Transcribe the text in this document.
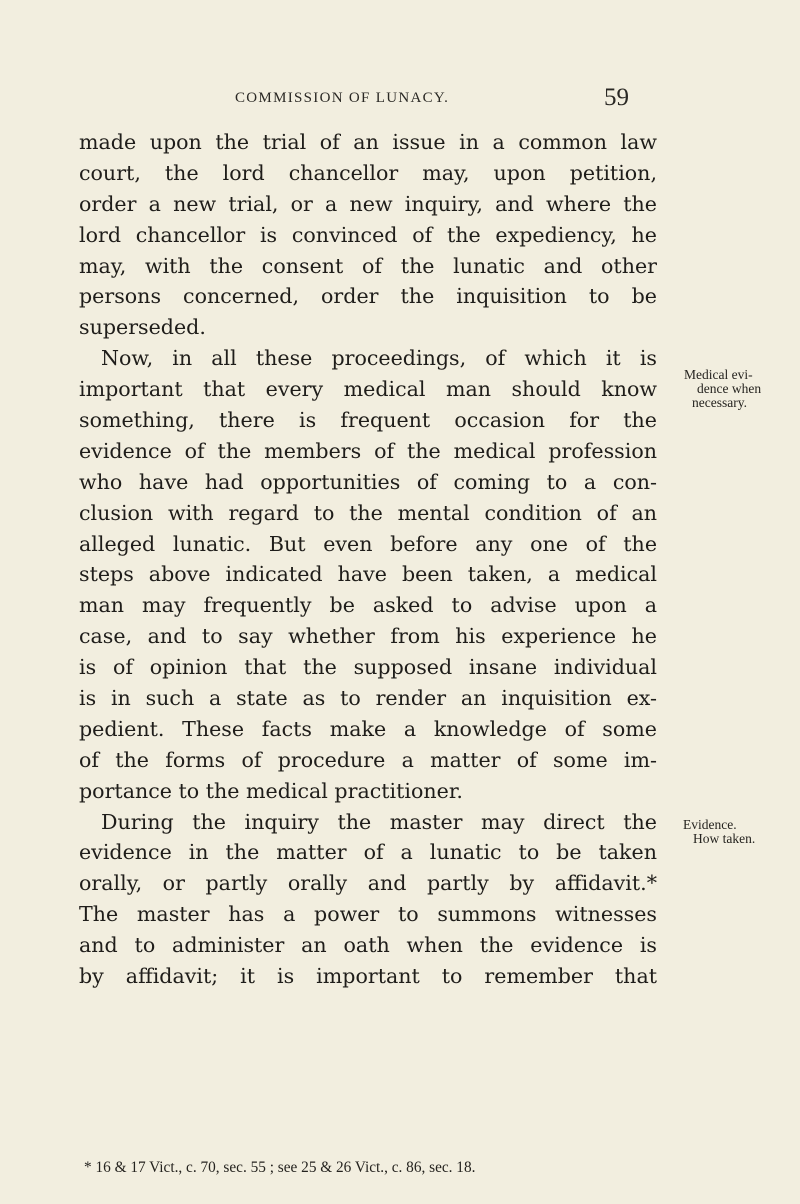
COMMISSION OF LUNACY.	59
made upon the trial of an issue in a common law
court, the lord chancellor may, upon petition,
order a new trial, or a new inquiry, and where the
lord chancellor is convinced of the expediency, he
may, with the consent of the lunatic and other
persons concerned, order the inquisition to be
superseded.
Now, in all these proceedings, of which it is
important that every medical man should know
something, there is frequent occasion for the
evidence of the members of the medical profession
who have had opportunities of coming to a con-
clusion with regard to the mental condition of an
alleged lunatic. But even before any one of the
steps above indicated have been taken, a medical
man may frequently be asked to advise upon a
case, and to say whether from his experience he
is of opinion that the supposed insane individual
is in such a state as to render an inquisition ex-
pedient. These facts make a knowledge of some
of the forms of procedure a matter of some im-
portance to the medical practitioner.
During the inquiry the master may direct the
evidence in the matter of a lunatic to be taken
orally, or partly orally and partly by affidavit.*
The master has a power to summons witnesses
and to administer an oath when the evidence is
by affidavit; it is important to remember that
Medical evi-
dence when
necessary.
Evidence.
How taken.
* 16 & 17 Vict., c. 70, sec. 55 ; see 25 & 26 Vict., c. 86, sec. 18.
